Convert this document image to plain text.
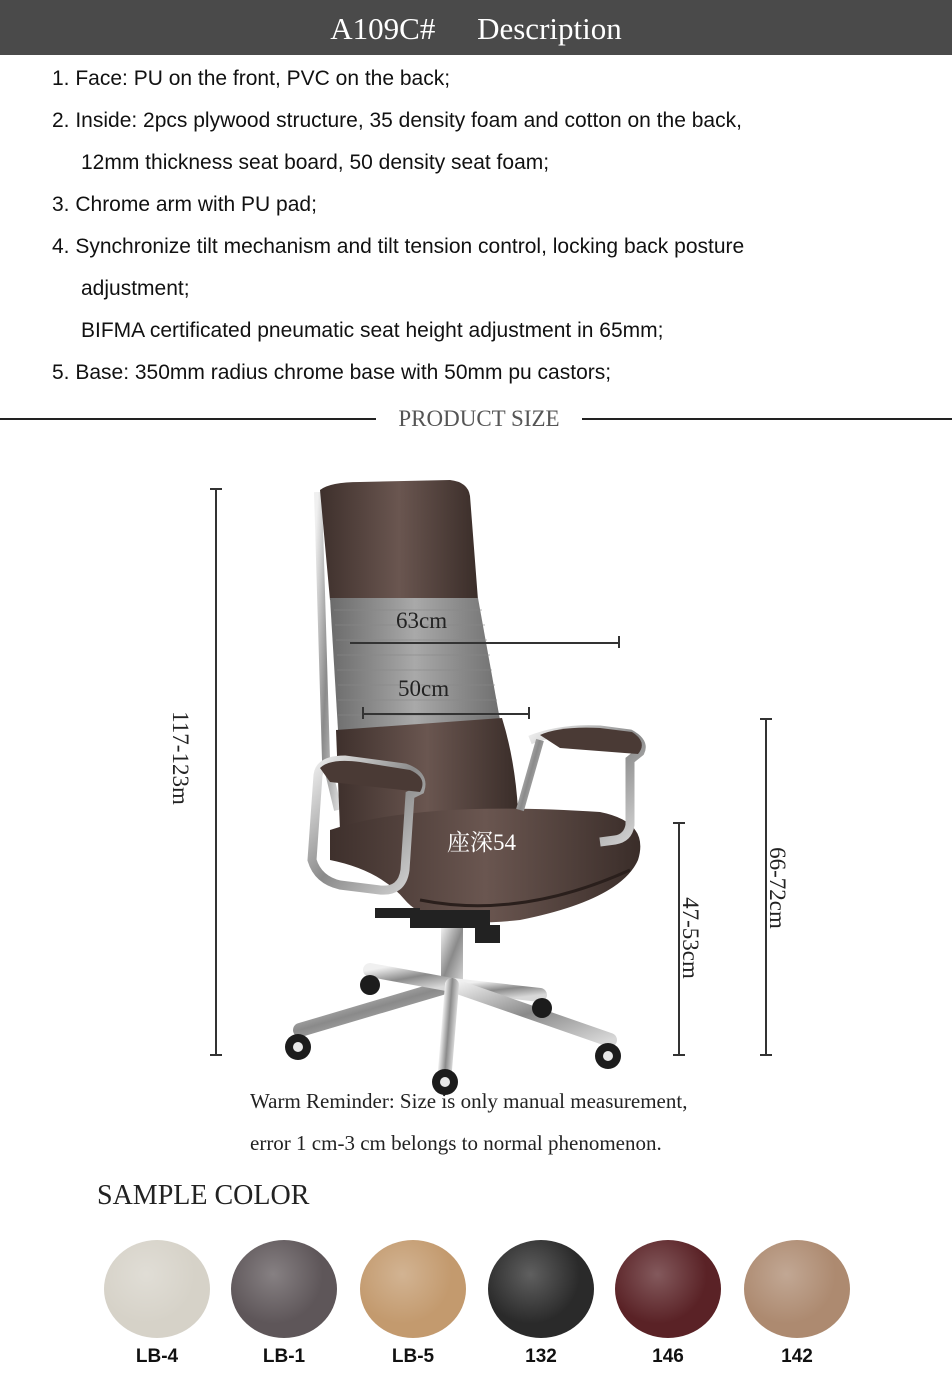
A109C# Description
1. Face: PU on the front, PVC on the back;
2. Inside: 2pcs plywood structure, 35 density foam and cotton on the back,
12mm thickness seat board, 50 density seat foam;
3. Chrome arm with PU pad;
4. Synchronize tilt mechanism and tilt tension control, locking back posture
adjustment;
BIFMA certificated pneumatic seat height adjustment in 65mm;
5. Base: 350mm radius chrome base with 50mm pu castors;
PRODUCT SIZE
117-123m
63cm
50cm
座深54
47-53cm
66-72cm
Warm Reminder: Size is only manual measurement,
error 1 cm-3 cm belongs to normal phenomenon.
SAMPLE COLOR
LB-4	LB-1	LB-5	132	146	142
